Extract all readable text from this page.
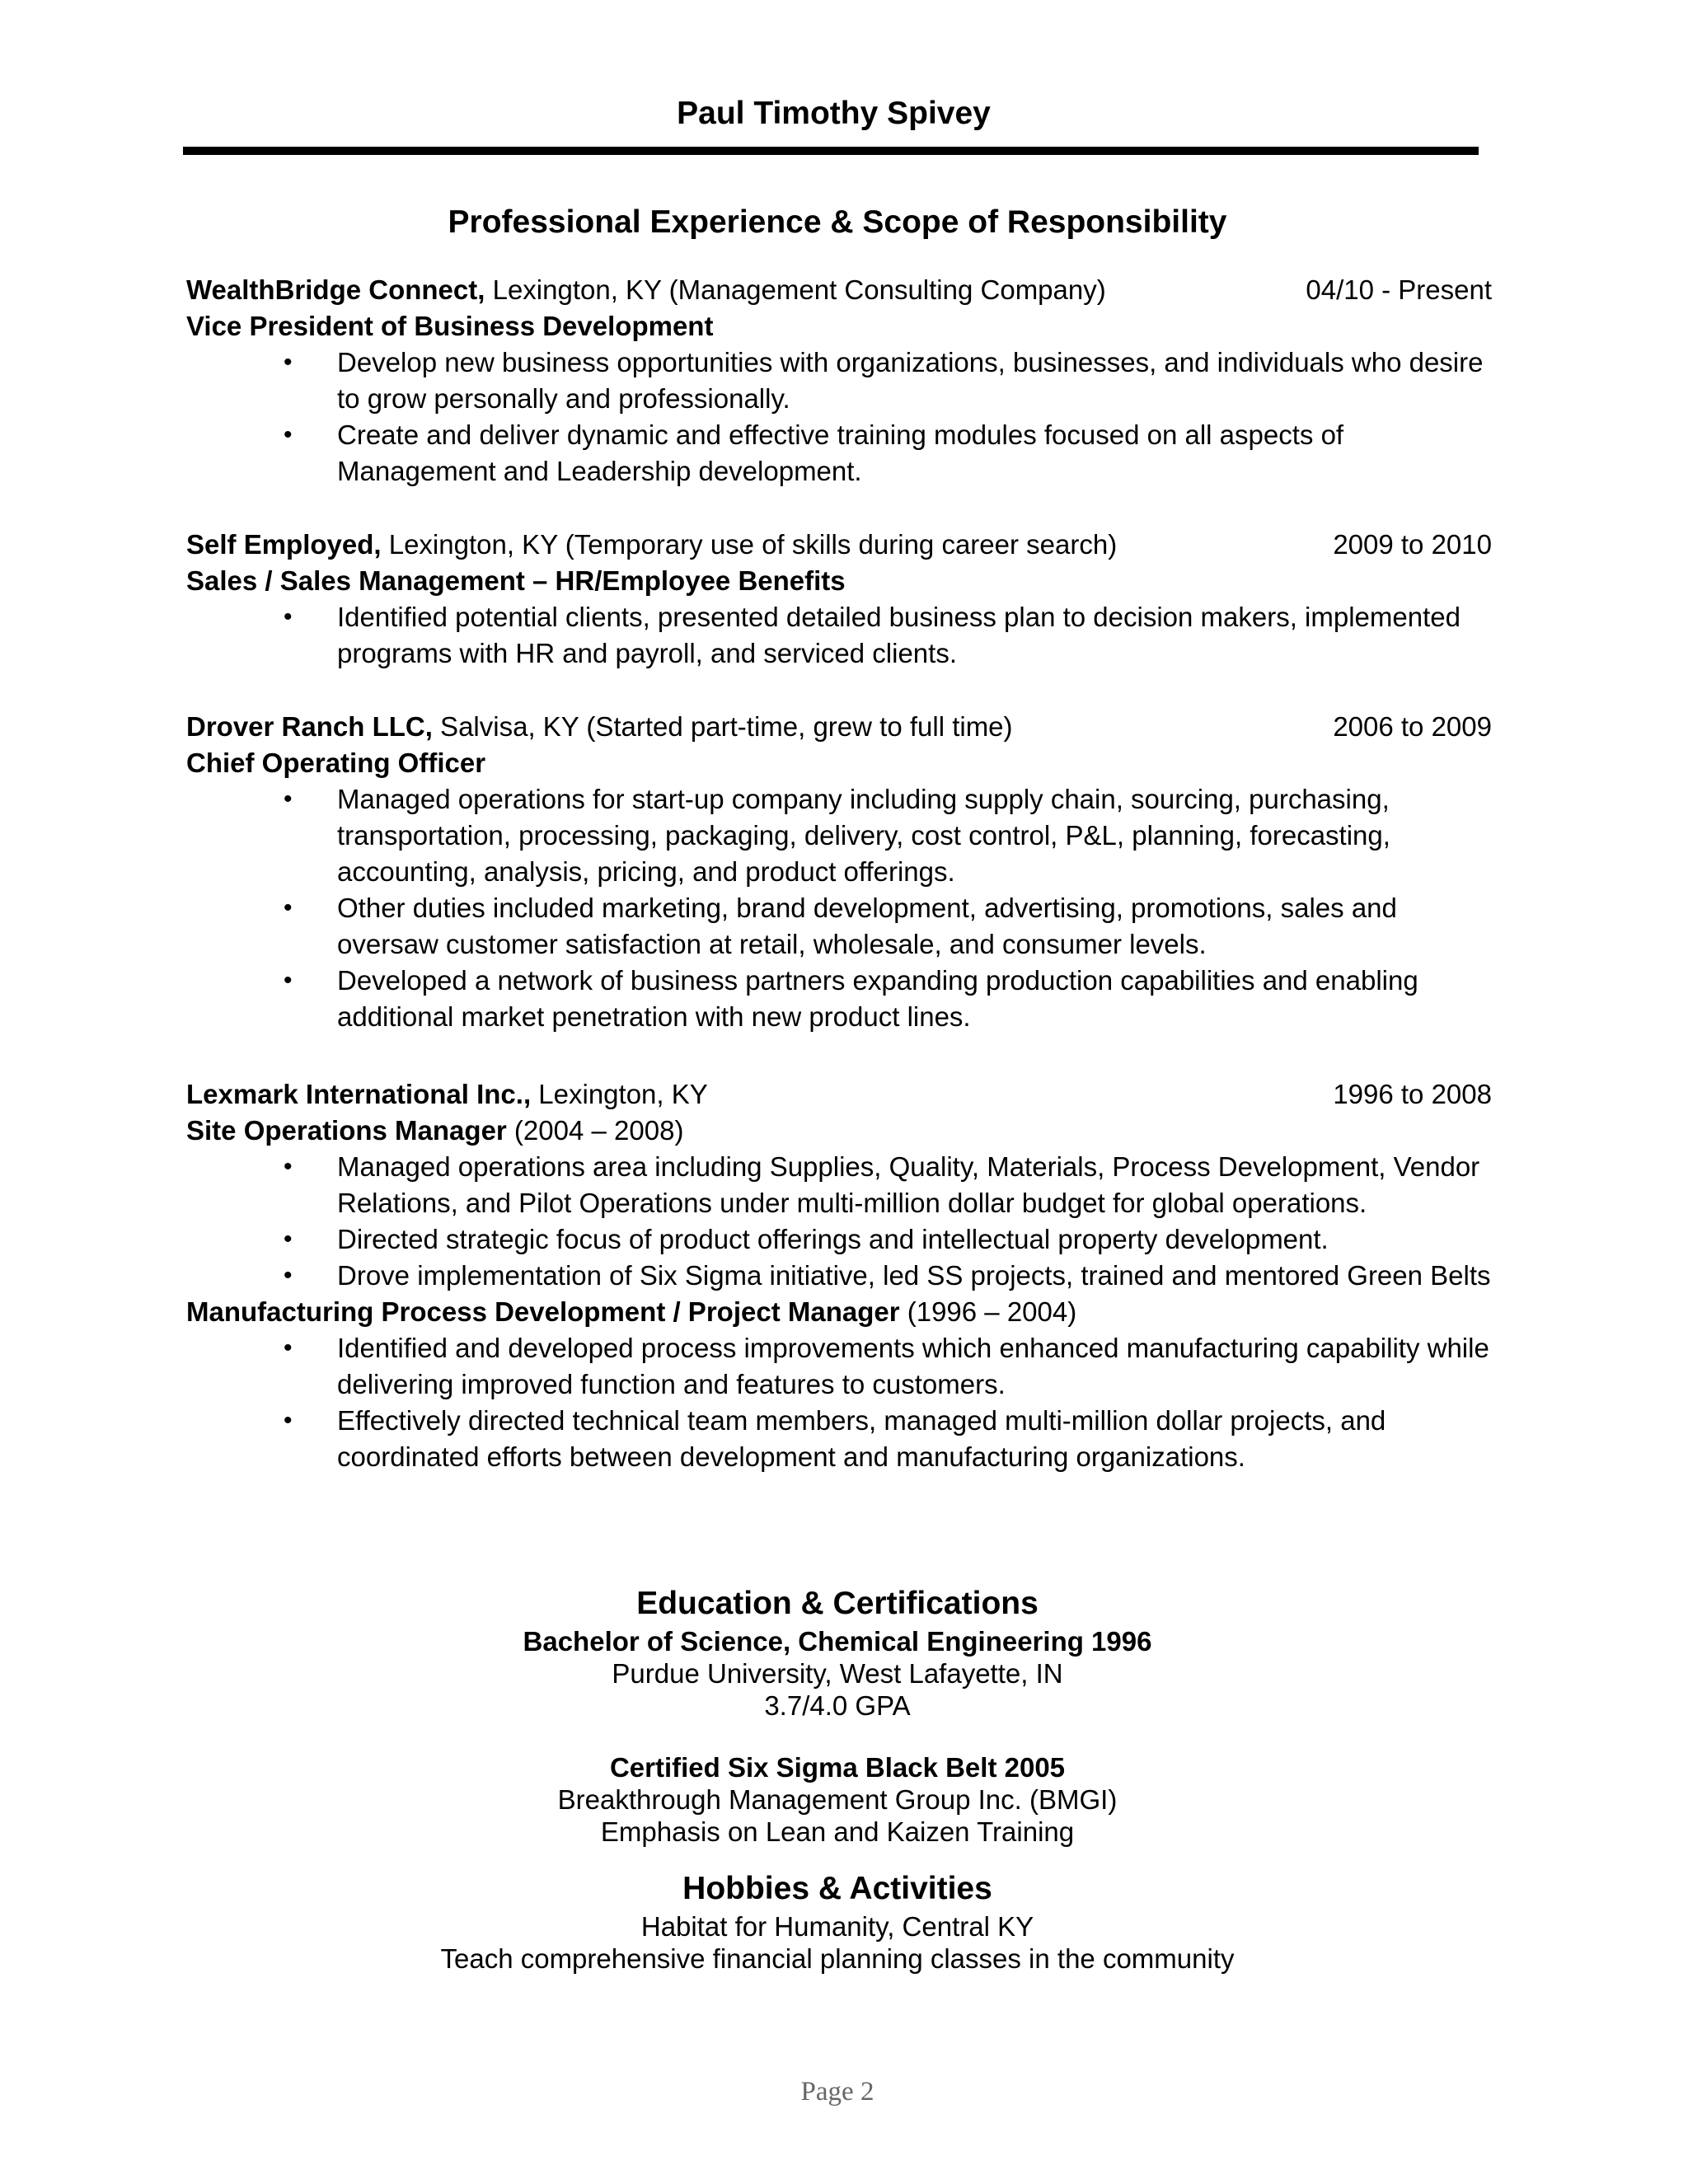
Paul Timothy Spivey
Professional Experience & Scope of Responsibility
WealthBridge Connect, Lexington, KY (Management Consulting Company)	04/10 - Present
Vice President of Business Development
• Develop new business opportunities with organizations, businesses, and individuals who desire to grow personally and professionally.
• Create and deliver dynamic and effective training modules focused on all aspects of Management and Leadership development.
Self Employed, Lexington, KY (Temporary use of skills during career search)	2009 to 2010
Sales / Sales Management – HR/Employee Benefits
• Identified potential clients, presented detailed business plan to decision makers, implemented programs with HR and payroll, and serviced clients.
Drover Ranch LLC, Salvisa, KY (Started part-time, grew to full time)	2006 to 2009
Chief Operating Officer
• Managed operations for start-up company including supply chain, sourcing, purchasing, transportation, processing, packaging, delivery, cost control, P&L, planning, forecasting, accounting, analysis, pricing, and product offerings.
• Other duties included marketing, brand development, advertising, promotions, sales and oversaw customer satisfaction at retail, wholesale, and consumer levels.
• Developed a network of business partners expanding production capabilities and enabling additional market penetration with new product lines.
Lexmark International Inc., Lexington, KY	1996 to 2008
Site Operations Manager (2004 – 2008)
• Managed operations area including Supplies, Quality, Materials, Process Development, Vendor Relations, and Pilot Operations under multi-million dollar budget for global operations.
• Directed strategic focus of product offerings and intellectual property development.
• Drove implementation of Six Sigma initiative, led SS projects, trained and mentored Green Belts
Manufacturing Process Development / Project Manager (1996 – 2004)
• Identified and developed process improvements which enhanced manufacturing capability while delivering improved function and features to customers.
• Effectively directed technical team members, managed multi-million dollar projects, and coordinated efforts between development and manufacturing organizations.
Education & Certifications
Bachelor of Science, Chemical Engineering 1996
Purdue University, West Lafayette, IN
3.7/4.0 GPA
Certified Six Sigma Black Belt 2005
Breakthrough Management Group Inc. (BMGI)
Emphasis on Lean and Kaizen Training
Hobbies & Activities
Habitat for Humanity, Central KY
Teach comprehensive financial planning classes in the community
Page 2
